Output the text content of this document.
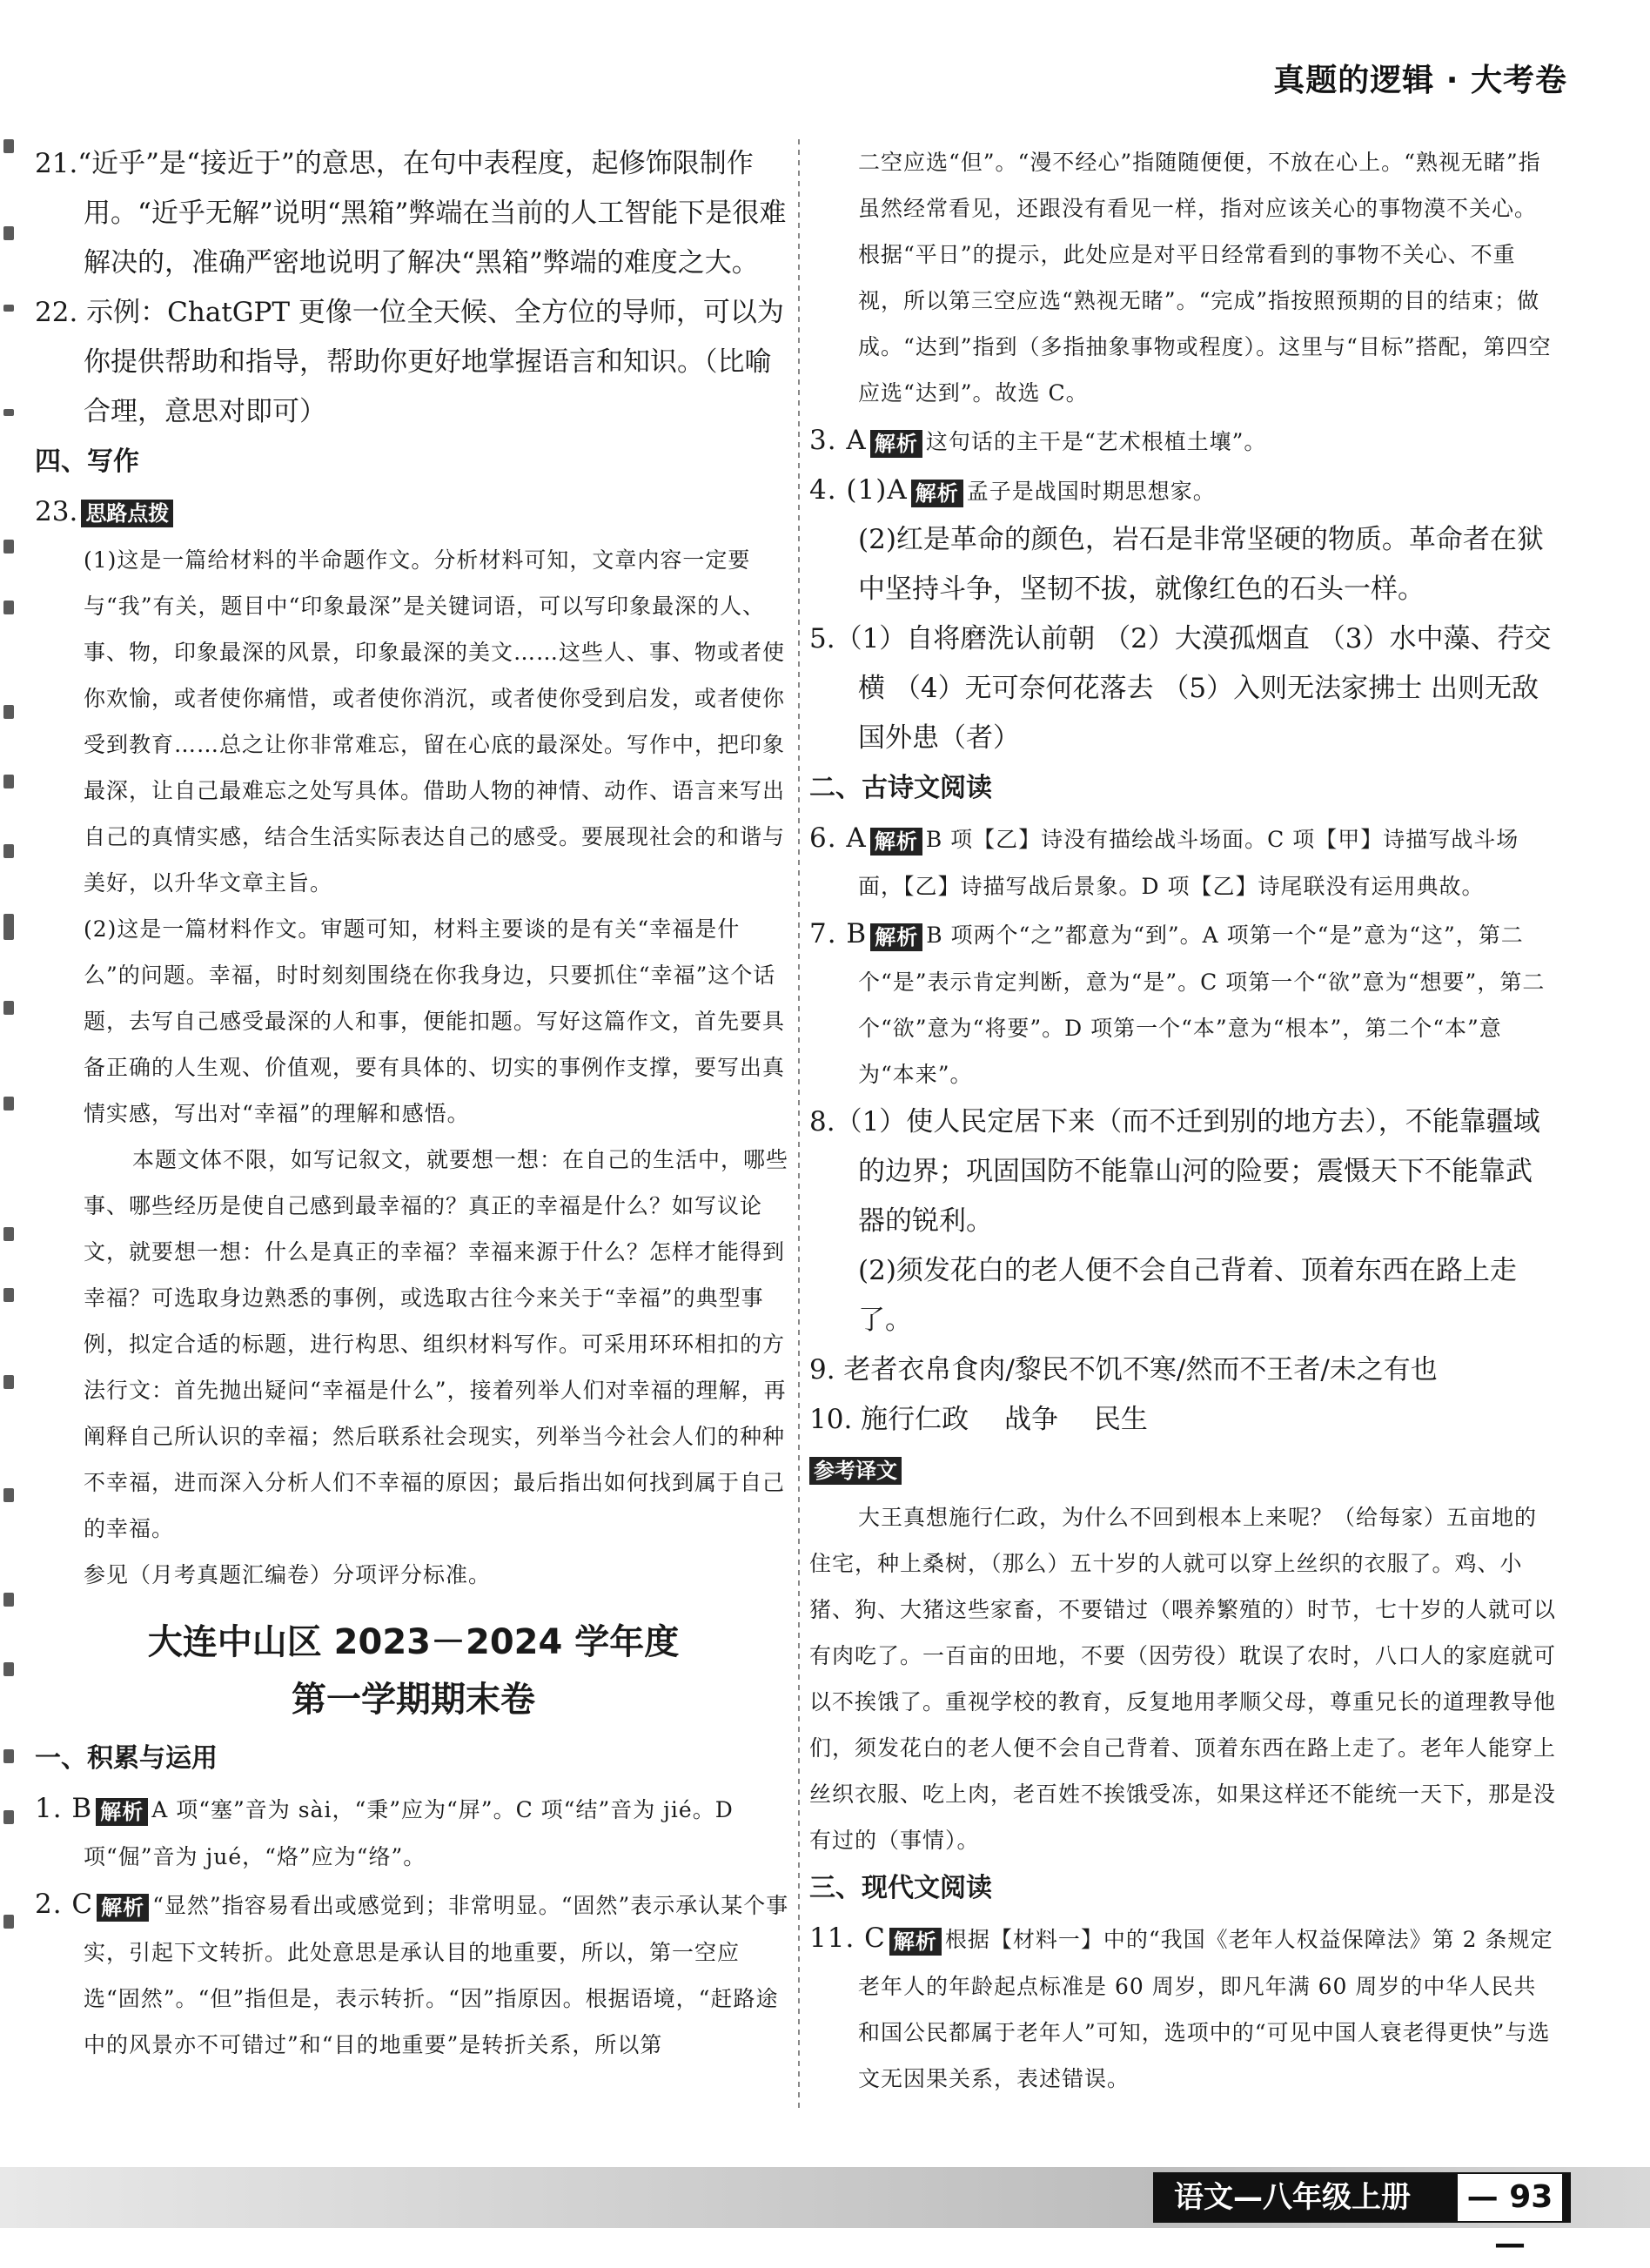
真题的逻辑 · 大考卷

21.“近乎”是“接近于”的意思，在句中表程度，起修饰限制作用。“近乎无解”说明“黑箱”弊端在当前的人工智能下是很难解决的，准确严密地说明了解决“黑箱”弊端的难度之大。

22. 示例：ChatGPT 更像一位全天候、全方位的导师，可以为你提供帮助和指导，帮助你更好地掌握语言和知识。（比喻合理，意思对即可）

四、写作

23. 思路点拨

(1)这是一篇给材料的半命题作文。分析材料可知，文章内容一定要与“我”有关，题目中“印象最深”是关键词语，可以写印象最深的人、事、物，印象最深的风景，印象最深的美文……这些人、事、物或者使你欢愉，或者使你痛惜，或者使你消沉，或者使你受到启发，或者使你受到教育……总之让你非常难忘，留在心底的最深处。写作中，把印象最深，让自己最难忘之处写具体。借助人物的神情、动作、语言来写出自己的真情实感，结合生活实际表达自己的感受。要展现社会的和谐与美好，以升华文章主旨。

(2)这是一篇材料作文。审题可知，材料主要谈的是有关“幸福是什么”的问题。幸福，时时刻刻围绕在你我身边，只要抓住“幸福”这个话题，去写自己感受最深的人和事，便能扣题。写好这篇作文，首先要具备正确的人生观、价值观，要有具体的、切实的事例作支撑，要写出真情实感，写出对“幸福”的理解和感悟。

本题文体不限，如写记叙文，就要想一想：在自己的生活中，哪些事、哪些经历是使自己感到最幸福的？真正的幸福是什么？如写议论文，就要想一想：什么是真正的幸福？幸福来源于什么？怎样才能得到幸福？可选取身边熟悉的事例，或选取古往今来关于“幸福”的典型事例，拟定合适的标题，进行构思、组织材料写作。可采用环环相扣的方法行文：首先抛出疑问“幸福是什么”，接着列举人们对幸福的理解，再阐释自己所认识的幸福；然后联系社会现实，列举当今社会人们的种种不幸福，进而深入分析人们不幸福的原因；最后指出如何找到属于自己的幸福。

参见（月考真题汇编卷）分项评分标准。

大连中山区 2023－2024 学年度
第一学期期末卷

一、积累与运用

1. B 解析 A 项“塞”音为 sài，“秉”应为“屏”。C 项“结”音为 jié。D 项“倔”音为 jué，“烙”应为“络”。

2. C 解析 “显然”指容易看出或感觉到；非常明显。“固然”表示承认某个事实，引起下文转折。此处意思是承认目的地重要，所以，第一空应选“固然”。“但”指但是，表示转折。“因”指原因。根据语境，“赶路途中的风景亦不可错过”和“目的地重要”是转折关系，所以第

二空应选“但”。“漫不经心”指随随便便，不放在心上。“熟视无睹”指虽然经常看见，还跟没有看见一样，指对应该关心的事物漠不关心。根据“平日”的提示，此处应是对平日经常看到的事物不关心、不重视，所以第三空应选“熟视无睹”。“完成”指按照预期的目的结束；做成。“达到”指到（多指抽象事物或程度）。这里与“目标”搭配，第四空应选“达到”。故选 C。

3. A 解析 这句话的主干是“艺术根植土壤”。

4. (1)A 解析 孟子是战国时期思想家。

(2)红是革命的颜色，岩石是非常坚硬的物质。革命者在狱中坚持斗争，坚韧不拔，就像红色的石头一样。

5.（1）自将磨洗认前朝 （2）大漠孤烟直 （3）水中藻、荇交横 （4）无可奈何花落去 （5）入则无法家拂士 出则无敌国外患（者）

二、古诗文阅读

6. A 解析 B 项【乙】诗没有描绘战斗场面。C 项【甲】诗描写战斗场面，【乙】诗描写战后景象。D 项【乙】诗尾联没有运用典故。

7. B 解析 B 项两个“之”都意为“到”。A 项第一个“是”意为“这”，第二个“是”表示肯定判断，意为“是”。C 项第一个“欲”意为“想要”，第二个“欲”意为“将要”。D 项第一个“本”意为“根本”，第二个“本”意为“本来”。

8.（1）使人民定居下来（而不迁到别的地方去），不能靠疆域的边界；巩固国防不能靠山河的险要；震慑天下不能靠武器的锐利。

(2)须发花白的老人便不会自己背着、顶着东西在路上走了。

9. 老者衣帛食肉/黎民不饥不寒/然而不王者/未之有也

10. 施行仁政　 战争　 民生

参考译文

大王真想施行仁政，为什么不回到根本上来呢？（给每家）五亩地的住宅，种上桑树，（那么）五十岁的人就可以穿上丝织的衣服了。鸡、小猪、狗、大猪这些家畜，不要错过（喂养繁殖的）时节，七十岁的人就可以有肉吃了。一百亩的田地，不要（因劳役）耽误了农时，八口人的家庭就可以不挨饿了。重视学校的教育，反复地用孝顺父母，尊重兄长的道理教导他们，须发花白的老人便不会自己背着、顶着东西在路上走了。老年人能穿上丝织衣服、吃上肉，老百姓不挨饿受冻，如果这样还不能统一天下，那是没有过的（事情）。

三、现代文阅读

11. C 解析 根据【材料一】中的“我国《老年人权益保障法》第 2 条规定老年人的年龄起点标准是 60 周岁，即凡年满 60 周岁的中华人民共和国公民都属于老年人”可知，选项中的“可见中国人衰老得更快”与选文无因果关系，表述错误。

语文—八年级上册	— 93 —
